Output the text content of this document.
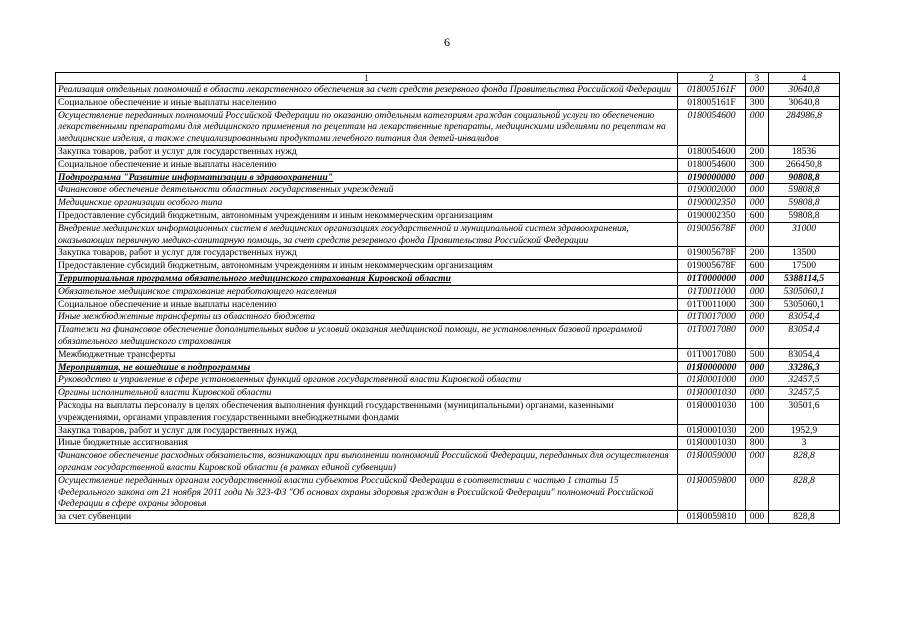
6
1	2	3	4
Реализация отдельных полномочий в области лекарственного обеспечения за счет средств резервного фонда Правительства Российской Федерации	018005161F	000	30640,8
Социальное обеспечение и иные выплаты населению	018005161F	300	30640,8
Осуществление переданных полномочий Российской Федерации по оказанию отдельным категориям граждан социальной услуги по обеспечению лекарственными препаратами для медицинского применения по рецептам на лекарственные препараты, медицинскими изделиями по рецептам на медицинские изделия, а также специализированными продуктами лечебного питания для детей-инвалидов	0180054600	000	284986,8
Закупка товаров, работ и услуг для государственных нужд	0180054600	200	18536
Социальное обеспечение и иные выплаты населению	0180054600	300	266450,8
Подпрограмма "Развитие информатизации в здравоохранении"	0190000000	000	90808,8
Финансовое обеспечение деятельности областных государственных учреждений	0190002000	000	59808,8
Медицинские организации особого типа	0190002350	000	59808,8
Предоставление субсидий бюджетным, автономным учреждениям и иным некоммерческим организациям	0190002350	600	59808,8
Внедрение медицинских информационных систем в медицинских организациях государственной и муниципальной систем здравоохранения, оказывающих первичную медико-санитарную помощь, за счет средств резервного фонда Правительства Российской Федерации	019005678F	000	31000
Закупка товаров, работ и услуг для государственных нужд	019005678F	200	13500
Предоставление субсидий бюджетным, автономным учреждениям и иным некоммерческим организациям	019005678F	600	17500
Территориальная программа обязательного медицинского страхования Кировской области	01T0000000	000	5388114,5
Обязательное медицинское страхование неработающего населения	01T0011000	000	5305060,1
Социальное обеспечение и иные выплаты населению	01T0011000	300	5305060,1
Иные межбюджетные трансферты из областного бюджета	01T0017000	000	83054,4
Платежи на финансовое обеспечение дополнительных видов и условий оказания медицинской помощи, не установленных базовой программой обязательного медицинского страхования	01T0017080	000	83054,4
Межбюджетные трансферты	01T0017080	500	83054,4
Мероприятия, не вошедшие в подпрограммы	01Я0000000	000	33286,3
Руководство и управление в сфере установленных функций органов государственной власти Кировской области	01Я0001000	000	32457,5
Органы исполнительной власти Кировской области	01Я0001030	000	32457,5
Расходы на выплаты персоналу в целях обеспечения выполнения функций государственными (муниципальными) органами, казенными учреждениями, органами управления государственными внебюджетными фондами	01Я0001030	100	30501,6
Закупка товаров, работ и услуг для государственных нужд	01Я0001030	200	1952,9
Иные бюджетные ассигнования	01Я0001030	800	3
Финансовое обеспечение расходных обязательств, возникающих при выполнении полномочий Российской Федерации, переданных для осуществления органам государственной власти Кировской области (в рамках единой субвенции)	01Я0059000	000	828,8
Осуществление переданных органам государственной власти субъектов Российской Федерации в соответствии с частью 1 статьи 15 Федерального закона от 21 ноября 2011 года № 323-ФЗ "Об основах охраны здоровья граждан в Российской Федерации" полномочий Российской Федерации в сфере охраны здоровья	01Я0059800	000	828,8
за счет субвенции	01Я0059810	000	828,8
